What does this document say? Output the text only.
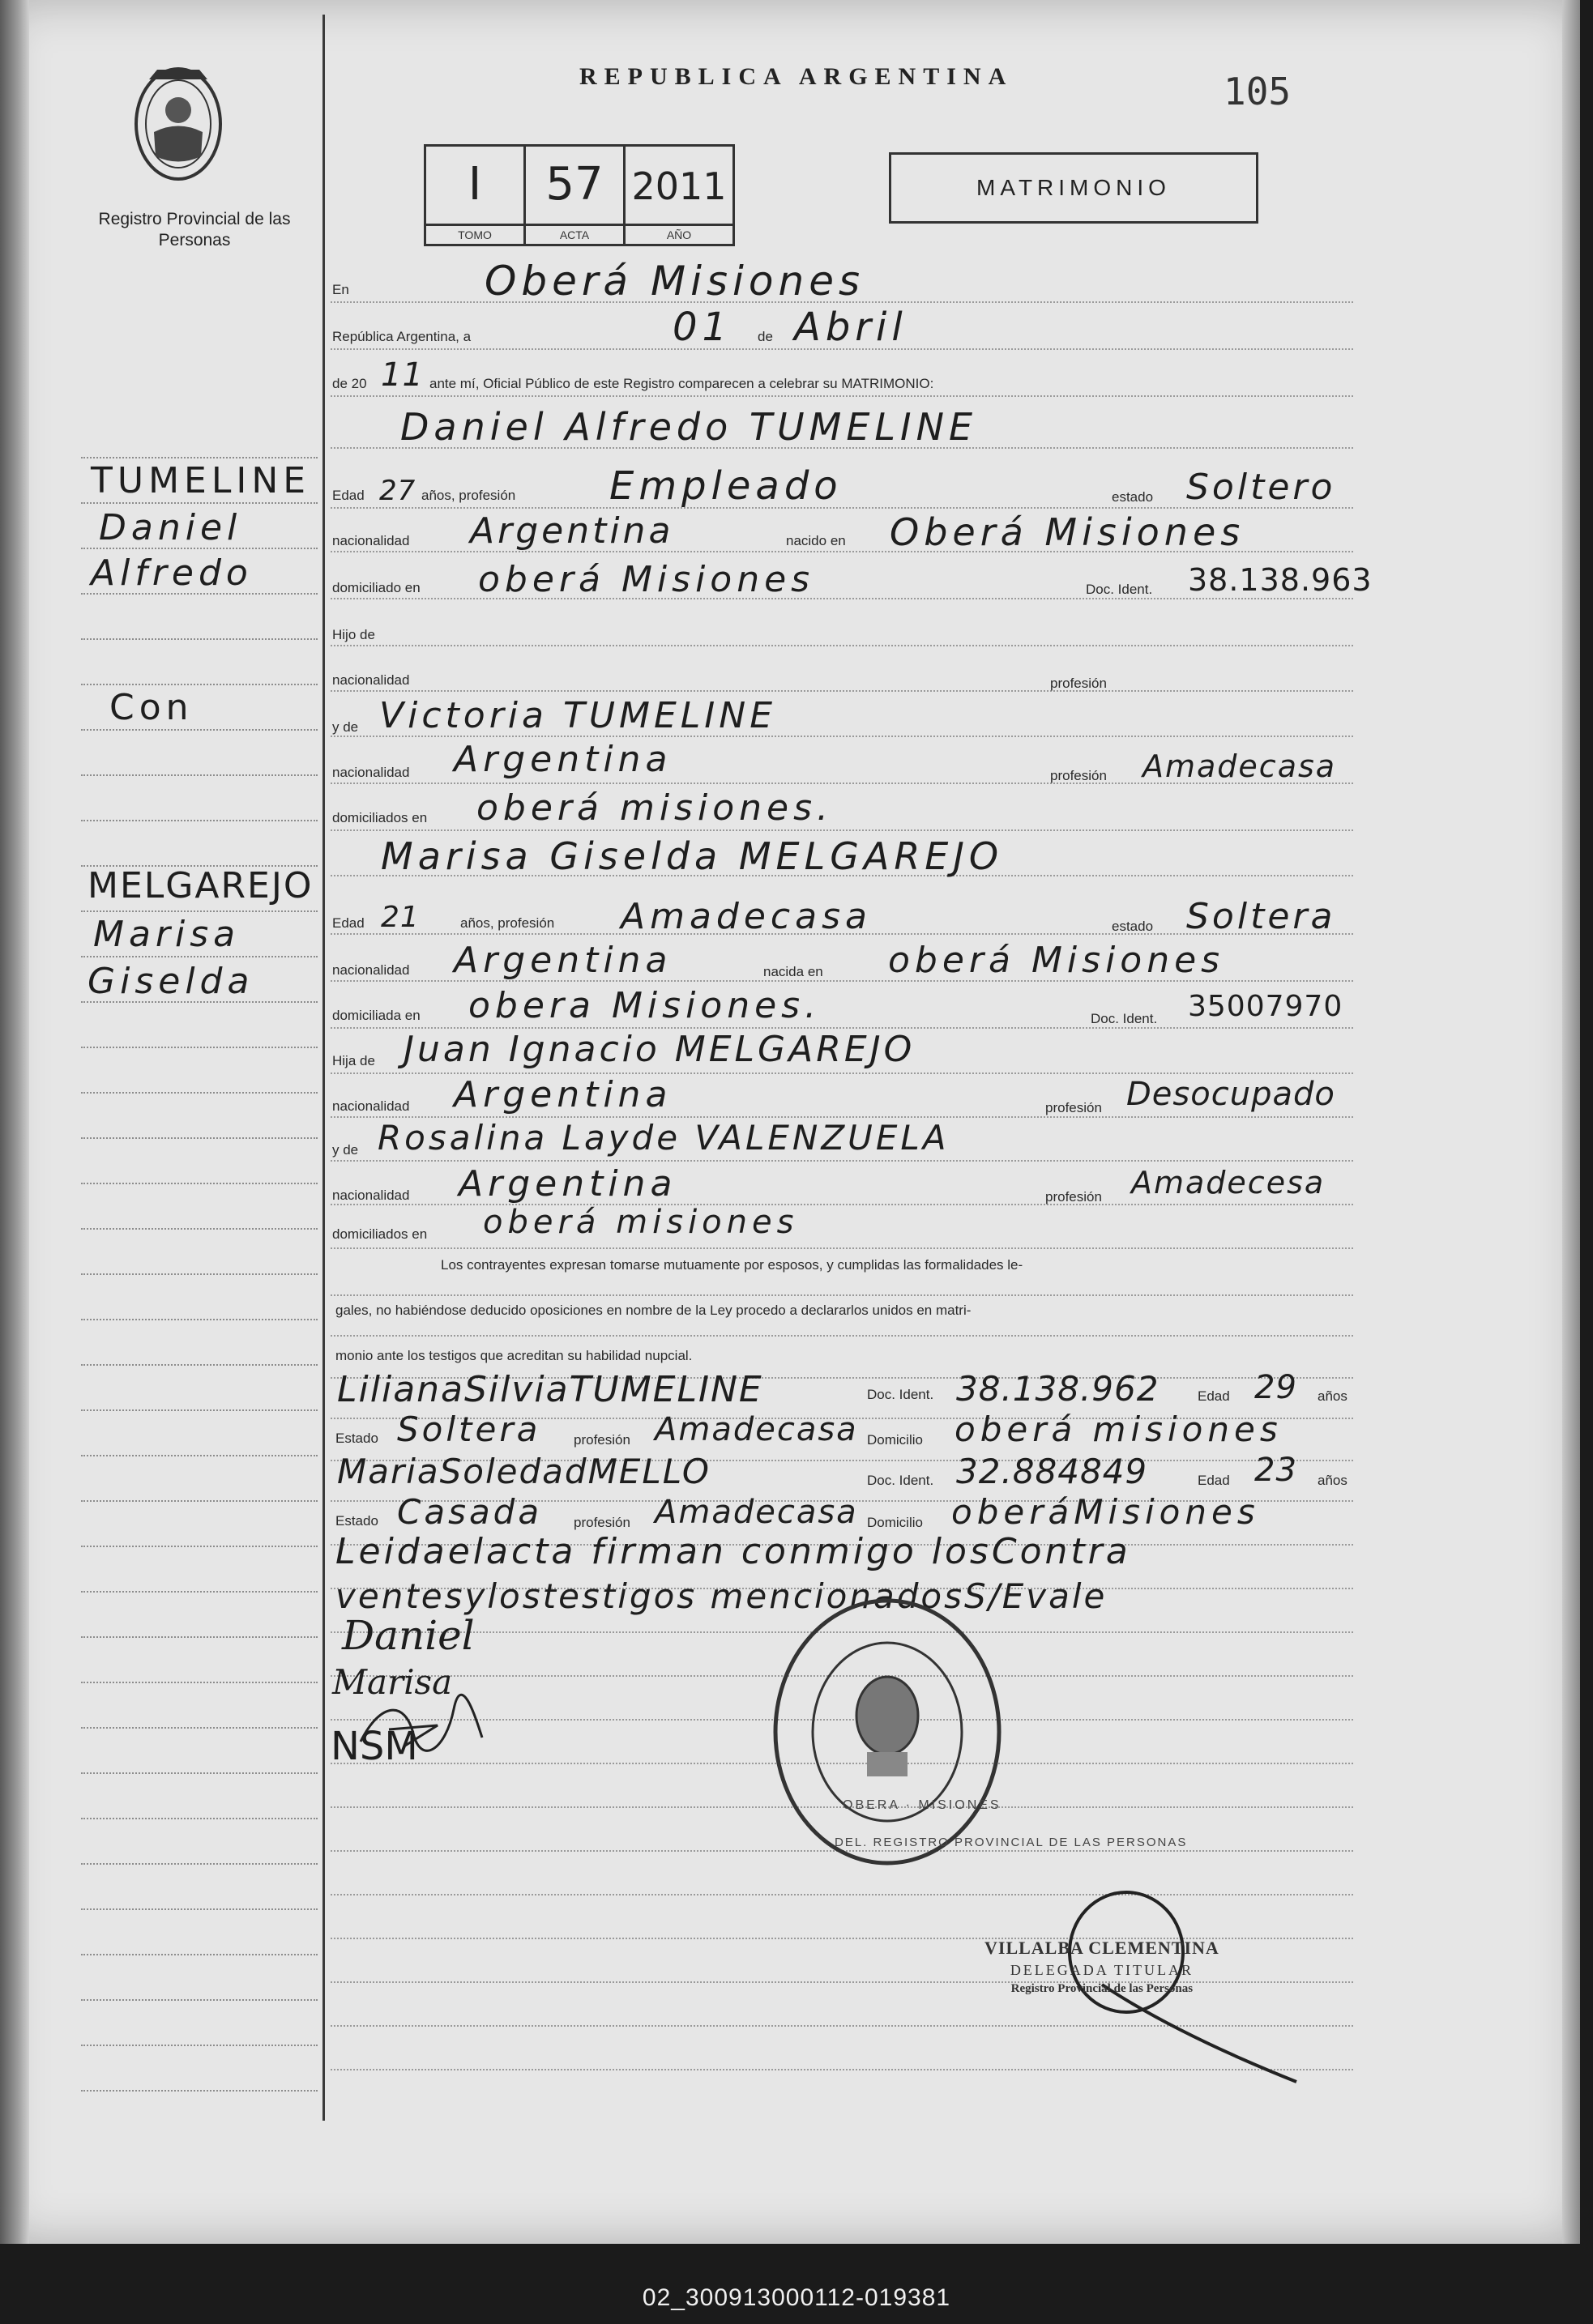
Registro Provincial de las Personas
REPUBLICA ARGENTINA	105
I
TOMO
57
ACTA
2011
AÑO
MATRIMONIO
TUMELINE
Daniel
Alfredo
Con
MELGAREJO
Marisa
Giselda
En	Oberá Misiones
República Argentina, a	01 de Abril
de 20 11 ante mí, Oficial Público de este Registro comparecen a celebrar su MATRIMONIO:
Daniel Alfredo TUMELINE
Edad 27 años, profesión Empleado	estado Soltero
nacionalidad Argentina	nacido en Oberá Misiones
domiciliado en oberá Misiones	Doc. Ident. 38.138.963
Hijo de
nacionalidad	profesión
y de Victoria TUMELINE
nacionalidad Argentina	profesión Amadecasa
domiciliados en oberá misiones.
Marisa Giselda MELGAREJO
Edad 21	años, profesión Amadecasa	estado Soltera
nacionalidad Argentina	nacida en oberá Misiones
domiciliada en obera Misiones.	Doc. Ident. 35007970
Hija de Juan Ignacio MELGAREJO
nacionalidad Argentina	profesión Desocupado
y de Rosalina Layde VALENZUELA
nacionalidad Argentina	profesión Amadecesa
domiciliados en oberá misiones
Los contrayentes expresan tomarse mutuamente por esposos, y cumplidas las formalidades le-
gales, no habiéndose deducido oposiciones en nombre de la Ley procedo a declararlos unidos en matri-
monio ante los testigos que acreditan su habilidad nupcial.
LilianaSilviaTUMELINE	Doc. Ident. 38.138.962	Edad 29 años
Estado Soltera profesión Amadecasa Domicilio oberá misiones
MariaSoledadMELLO	Doc. Ident. 32.884849	Edad 23 años
Estado Casada profesión Amadecasa Domicilio oberáMisiones
Leidaelacta firman conmigo losContra
ventesylostestigos mencionadosS/Evale
DEL. REGISTRO PROVINCIAL DE LAS PERSONAS
OBERA · MISIONES
Daniel
Marisa
NSM
VILLALBA CLEMENTINA
DELEGADA TITULAR
Registro Provincial de las Personas
02_300913000112-019381
